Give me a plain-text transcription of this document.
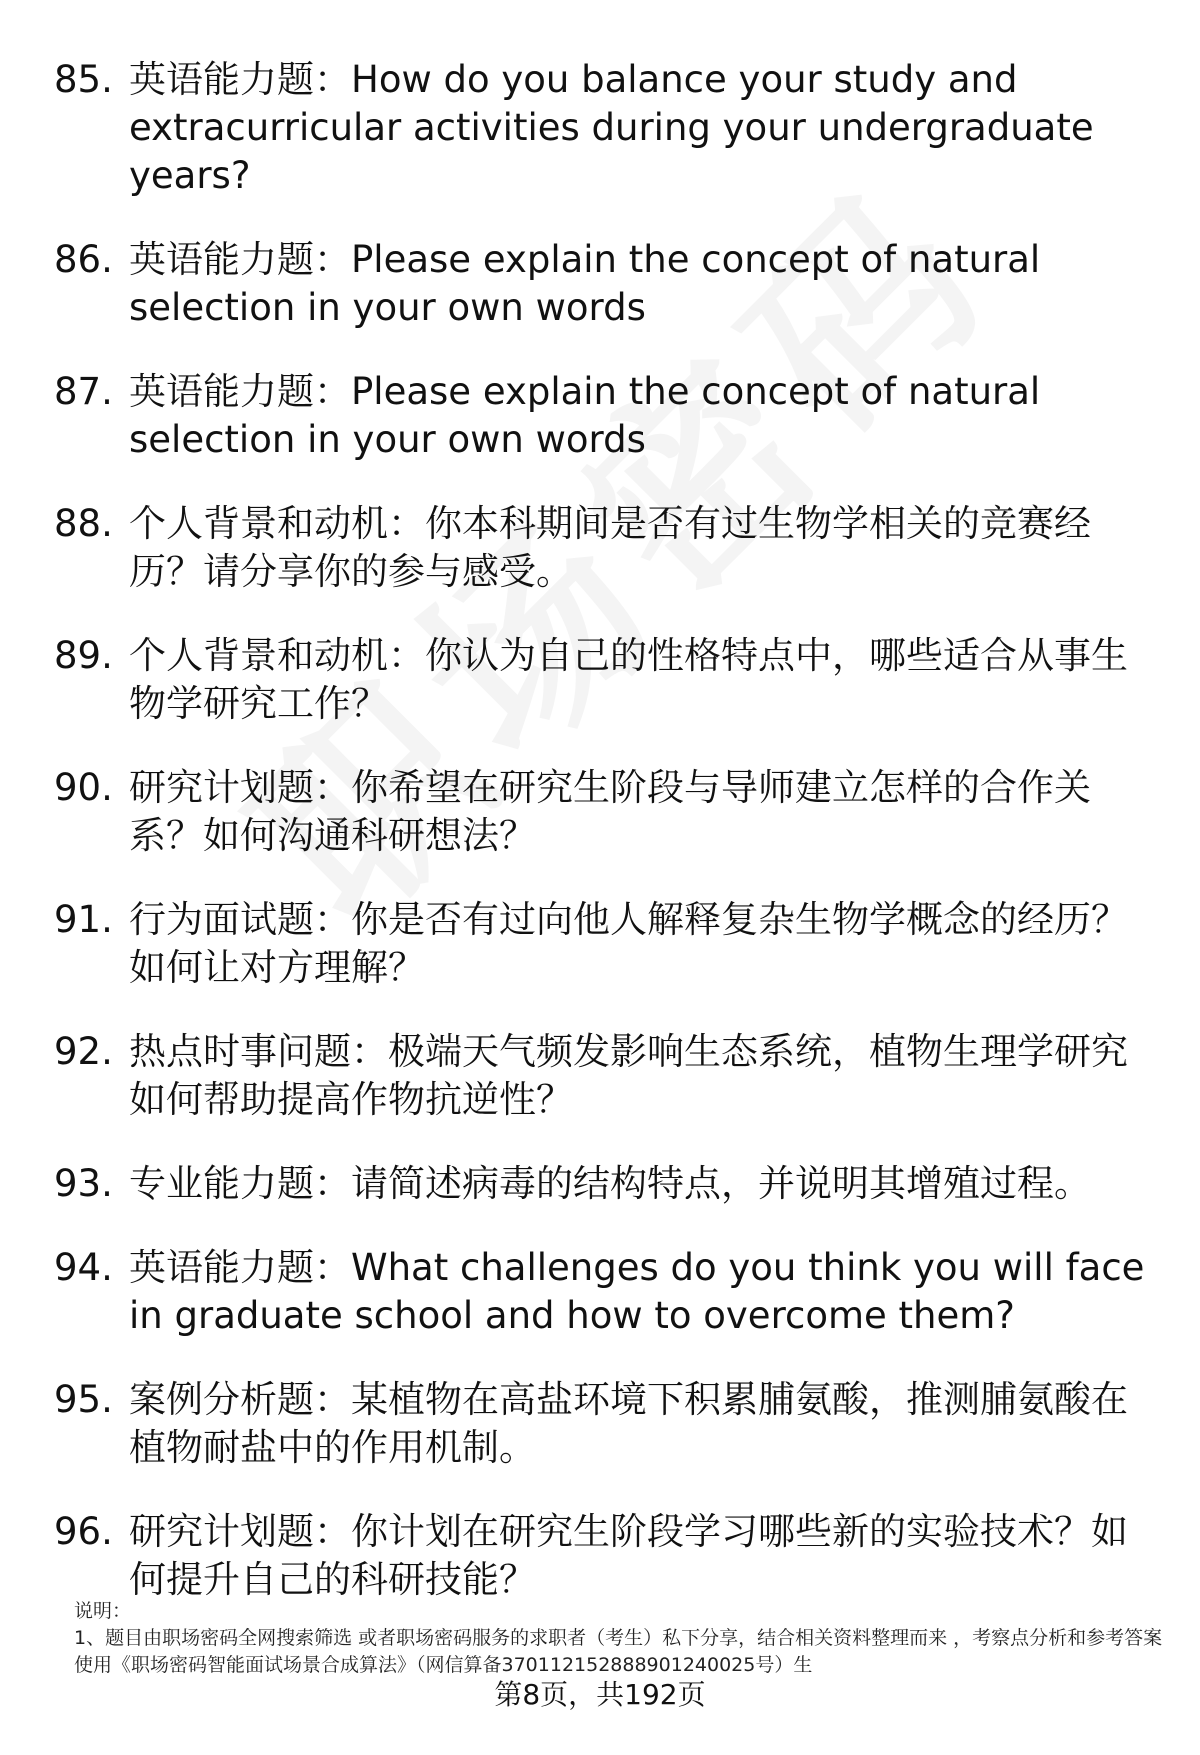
85. 英语能力题：How do you balance your study and extracurricular activities during your undergraduate years?
86. 英语能力题：Please explain the concept of natural selection in your own words
87. 英语能力题：Please explain the concept of natural selection in your own words
88. 个人背景和动机：你本科期间是否有过生物学相关的竞赛经历？请分享你的参与感受。
89. 个人背景和动机：你认为自己的性格特点中，哪些适合从事生物学研究工作？
90. 研究计划题：你希望在研究生阶段与导师建立怎样的合作关系？如何沟通科研想法？
91. 行为面试题：你是否有过向他人解释复杂生物学概念的经历？如何让对方理解？
92. 热点时事问题：极端天气频发影响生态系统，植物生理学研究如何帮助提高作物抗逆性？
93. 专业能力题：请简述病毒的结构特点，并说明其增殖过程。
94. 英语能力题：What challenges do you think you will face in graduate school and how to overcome them?
95. 案例分析题：某植物在高盐环境下积累脯氨酸，推测脯氨酸在植物耐盐中的作用机制。
96. 研究计划题：你计划在研究生阶段学习哪些新的实验技术？如何提升自己的科研技能？
说明：
1、题目由职场密码全网搜索筛选 或者职场密码服务的求职者（考生）私下分享，结合相关资料整理而来 ，考察点分析和参考答案使用《职场密码智能面试场景合成算法》（网信算备370112152888901240025号）生
第8页，共192页
